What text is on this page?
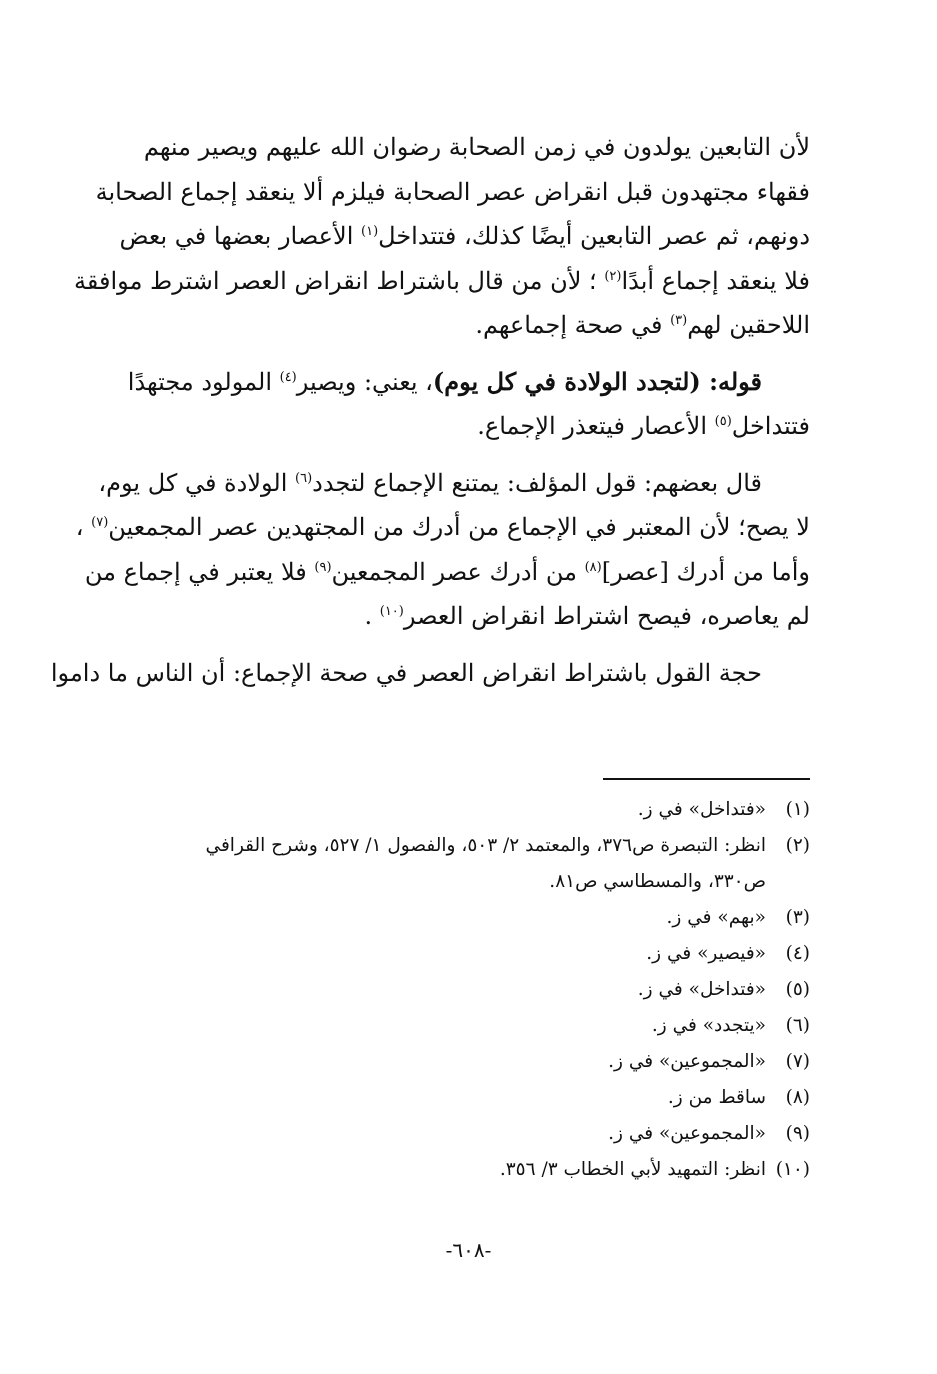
لأن التابعين يولدون في زمن الصحابة رضوان الله عليهم ويصير منهم
فقهاء مجتهدون قبل انقراض عصر الصحابة فيلزم ألا ينعقد إجماع الصحابة
دونهم، ثم عصر التابعين أيضًا كذلك، فتتداخل$^{(١)}$ الأعصار بعضها في بعض
فلا ينعقد إجماع أبدًا$^{(٢)}$ ؛ لأن من قال باشتراط انقراض العصر اشترط موافقة
اللاحقين لهم$^{(٣)}$ في صحة إجماعهم.

قوله: (لتجدد الولادة في كل يوم)، يعني: ويصير$^{(٤)}$ المولود مجتهدًا
فتتداخل$^{(٥)}$ الأعصار فيتعذر الإجماع.

قال بعضهم: قول المؤلف: يمتنع الإجماع لتجدد$^{(٦)}$ الولادة في كل يوم،
لا يصح؛ لأن المعتبر في الإجماع من أدرك من المجتهدين عصر المجمعين$^{(٧)}$ ،
وأما من أدرك [عصر]$^{(٨)}$ من أدرك عصر المجمعين$^{(٩)}$ فلا يعتبر في إجماع من
لم يعاصره، فيصح اشتراط انقراض العصر$^{(١٠)}$ .

حجة القول باشتراط انقراض العصر في صحة الإجماع: أن الناس ما داموا

(١)
«فتداخل» في ز.
(٢)
انظر: التبصرة ص٣٧٦، والمعتمد ٢/ ٥٠٣، والفصول ١/ ٥٢٧، وشرح القرافي
ص٣٣٠، والمسطاسي ص٨١.
(٣)
«بهم» في ز.
(٤)
«فيصير» في ز.
(٥)
«فتداخل» في ز.
(٦)
«يتجدد» في ز.
(٧)
«المجموعين» في ز.
(٨)
ساقط من ز.
(٩)
«المجموعين» في ز.
(١٠)
انظر: التمهيد لأبي الخطاب ٣/ ٣٥٦.
-٦٠٨-
